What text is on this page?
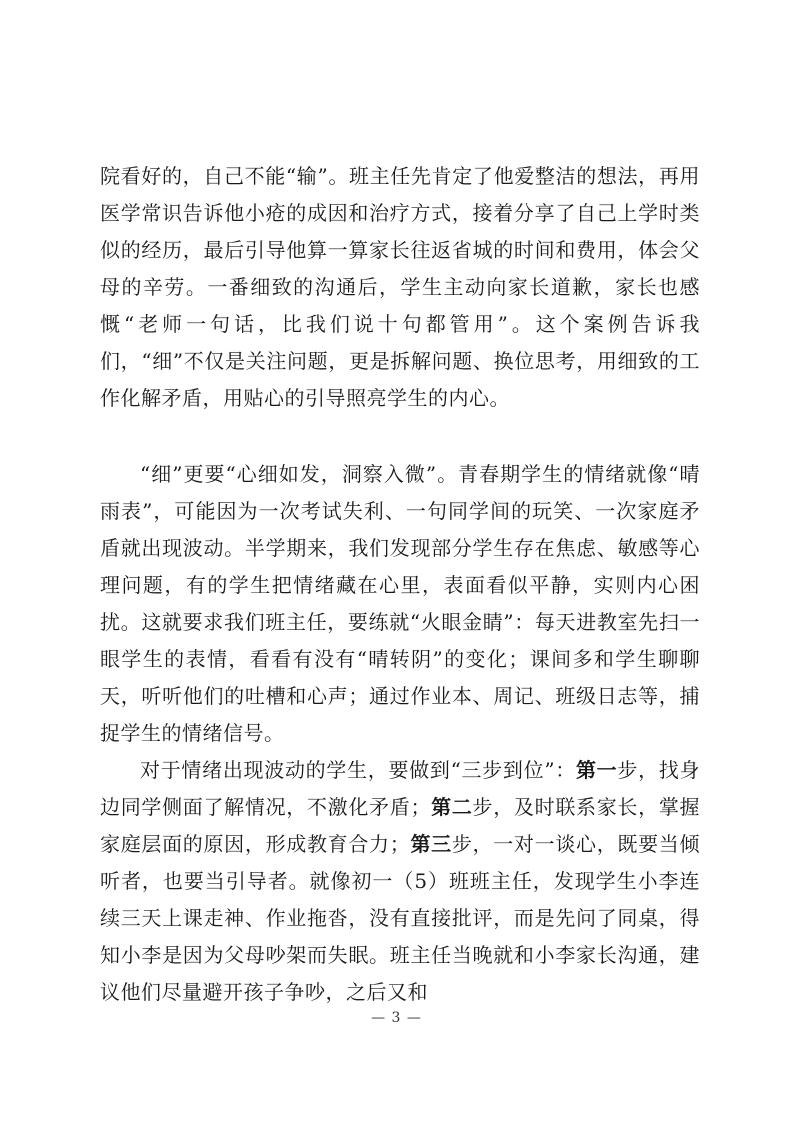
院看好的，自己不能“输”。班主任先肯定了他爱整洁的想法，再用医学常识告诉他小疮的成因和治疗方式，接着分享了自己上学时类似的经历，最后引导他算一算家长往返省城的时间和费用，体会父母的辛劳。一番细致的沟通后，学生主动向家长道歉，家长也感慨“老师一句话，比我们说十句都管用”。这个案例告诉我们，“细”不仅是关注问题，更是拆解问题、换位思考，用细致的工作化解矛盾，用贴心的引导照亮学生的内心。

“细”更要“心细如发，洞察入微”。青春期学生的情绪就像“晴雨表”，可能因为一次考试失利、一句同学间的玩笑、一次家庭矛盾就出现波动。半学期来，我们发现部分学生存在焦虑、敏感等心理问题，有的学生把情绪藏在心里，表面看似平静，实则内心困扰。这就要求我们班主任，要练就“火眼金睛”：每天进教室先扫一眼学生的表情，看看有没有“晴转阴”的变化；课间多和学生聊聊天，听听他们的吐槽和心声；通过作业本、周记、班级日志等，捕捉学生的情绪信号。

对于情绪出现波动的学生，要做到“三步到位”：第一步，找身边同学侧面了解情况，不激化矛盾；第二步，及时联系家长，掌握家庭层面的原因，形成教育合力；第三步，一对一谈心，既要当倾听者，也要当引导者。就像初一（5）班班主任，发现学生小李连续三天上课走神、作业拖沓，没有直接批评，而是先问了同桌，得知小李是因为父母吵架而失眠。班主任当晚就和小李家长沟通，建议他们尽量避开孩子争吵，之后又和

— 3 —
